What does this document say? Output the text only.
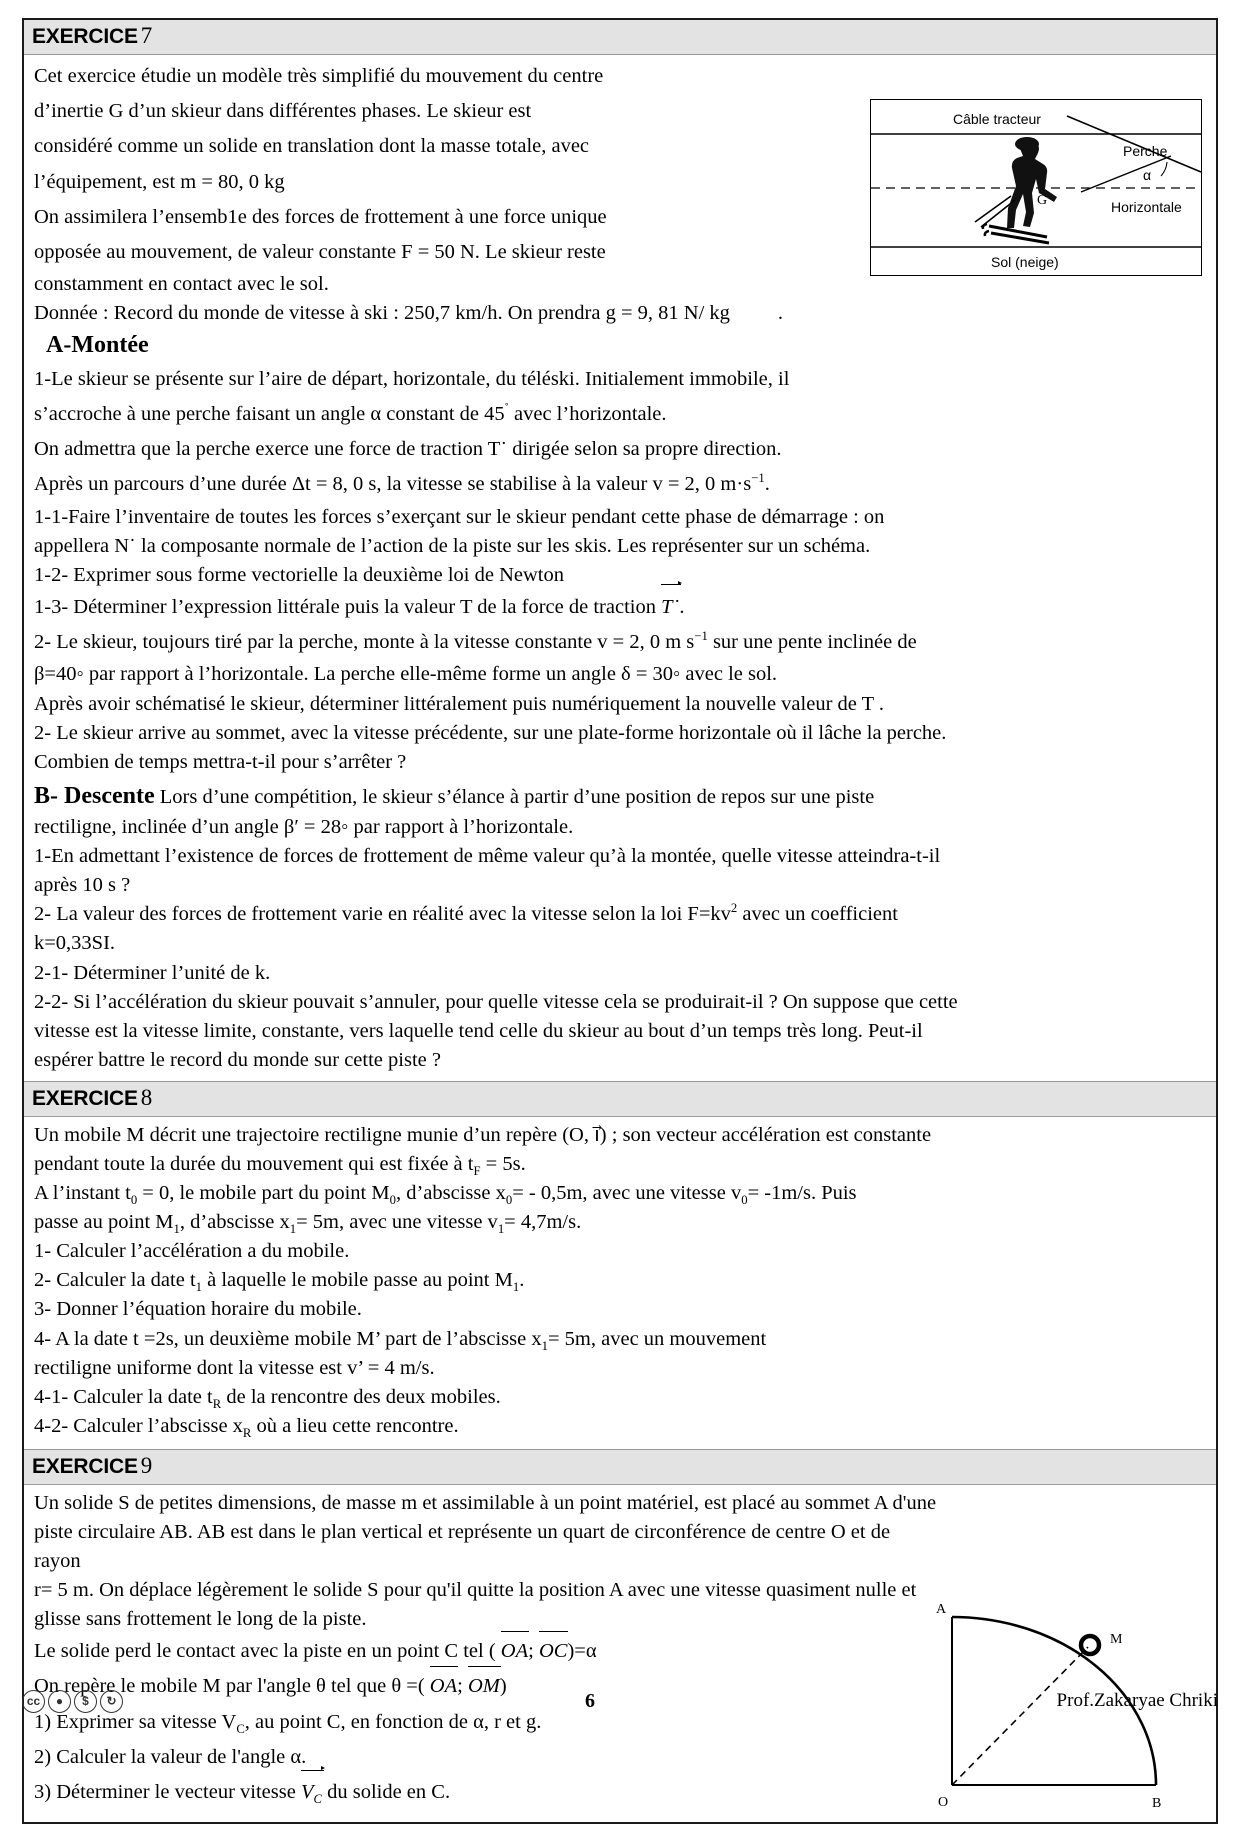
EXERCICE 7
Câble tracteur
Perche
α
G	Horizontale
Sol (neige)

Cet exercice étudie un modèle très simplifié du mouvement du centre

d’inertie G d’un skieur dans différentes phases. Le skieur est

considéré comme un solide en translation dont la masse totale, avec

l’équipement, est m = 80, 0 kg

On assimilera l’ensemb1e des forces de frottement à une force unique

opposée au mouvement, de valeur constante F = 50 N. Le skieur reste

constamment en contact avec le sol.

Donnée : Record du monde de vitesse à ski : 250,7 km/h. On prendra g = 9, 81 N/ kg .

A-Montée

1-Le skieur se présente sur l’aire de départ, horizontale, du téléski. Initialement immobile, il

s’accroche à une perche faisant un angle α constant de 45˚ avec l’horizontale.

On admettra que la perche exerce une force de traction T˙ dirigée selon sa propre direction.

Après un parcours d’une durée Δt = 8, 0 s, la vitesse se stabilise à la valeur v = 2, 0 $m\cdot s^{-1}$.

1-1-Faire l’inventaire de toutes les forces s’exerçant sur le skieur pendant cette phase de démarrage : on

appellera N˙ la composante normale de l’action de la piste sur les skis. Les représenter sur un schéma.

1-2- Exprimer sous forme vectorielle la deuxième loi de Newton

1-3- Déterminer l’expression littérale puis la valeur T de la force de traction T˙.

2- Le skieur, toujours tiré par la perche, monte à la vitesse constante v = 2, 0 m $s^{-1}$ sur une pente inclinée de

β=40◦ par rapport à l’horizontale. La perche elle-même forme un angle δ = 30◦ avec le sol.

Après avoir schématisé le skieur, déterminer littéralement puis numériquement la nouvelle valeur de T .

2- Le skieur arrive au sommet, avec la vitesse précédente, sur une plate-forme horizontale où il lâche la perche.

Combien de temps mettra-t-il pour s’arrêter ?

B- Descente Lors d’une compétition, le skieur s’élance à partir d’une position de repos sur une piste

rectiligne, inclinée d’un angle β′ = 28◦ par rapport à l’horizontale.

1-En admettant l’existence de forces de frottement de même valeur qu’à la montée, quelle vitesse atteindra-t-il

après 10 s ?

2- La valeur des forces de frottement varie en réalité avec la vitesse selon la loi $F=kv^2$ avec un coefficient

k=0,33SI.

2-1- Déterminer l’unité de k.

2-2- Si l’accélération du skieur pouvait s’annuler, pour quelle vitesse cela se produirait-il ? On suppose que cette

vitesse est la vitesse limite, constante, vers laquelle tend celle du skieur au bout d’un temps très long. Peut-il

espérer battre le record du monde sur cette piste ?

EXERCICE 8

Un mobile M décrit une trajectoire rectiligne munie d’un repère (O, ı⃗) ; son vecteur accélération est constante

pendant toute la durée du mouvement qui est fixée à $t_F = 5s$.

A l’instant $t_0 = 0$, le mobile part du point $M_0$, d’abscisse $x_0= - 0,5m$, avec une vitesse $v_0= -1m/s$. Puis

passe au point $M_1$, d’abscisse $x_1= 5m$, avec une vitesse $v_1= 4,7m/s$.

1- Calculer l’accélération a du mobile.

2- Calculer la date $t_1$ à laquelle le mobile passe au point $M_1$.

3- Donner l’équation horaire du mobile.

4- A la date t =2s, un deuxième mobile M’ part de l’abscisse $x_1= 5m$, avec un mouvement

rectiligne uniforme dont la vitesse est v’ = 4 m/s.

4-1- Calculer la date $t_R$ de la rencontre des deux mobiles.

4-2- Calculer l’abscisse $x_R$ où a lieu cette rencontre.

EXERCICE 9
A
B
O
M

Un solide S de petites dimensions, de masse m et assimilable à un point matériel, est placé au sommet A d'une

piste circulaire AB. AB est dans le plan vertical et représente un quart de circonférence de centre O et de rayon

r= 5 m. On déplace légèrement le solide S pour qu'il quitte la position A avec une vitesse quasiment nulle et

glisse sans frottement le long de la piste.

Le solide perd le contact avec la piste en un point C tel ( OA; OC)=α

On repère le mobile M par l'angle θ tel que θ =( OA; OM)

1) Exprimer sa vitesse $V_C$, au point C, en fonction de α, r et g.

2) Calculer la valeur de l'angle α.

3) Déterminer le vecteur vitesse $V_C$ du solide en C.

cc	●	$	↻	6	Prof.Zakaryae Chriki
